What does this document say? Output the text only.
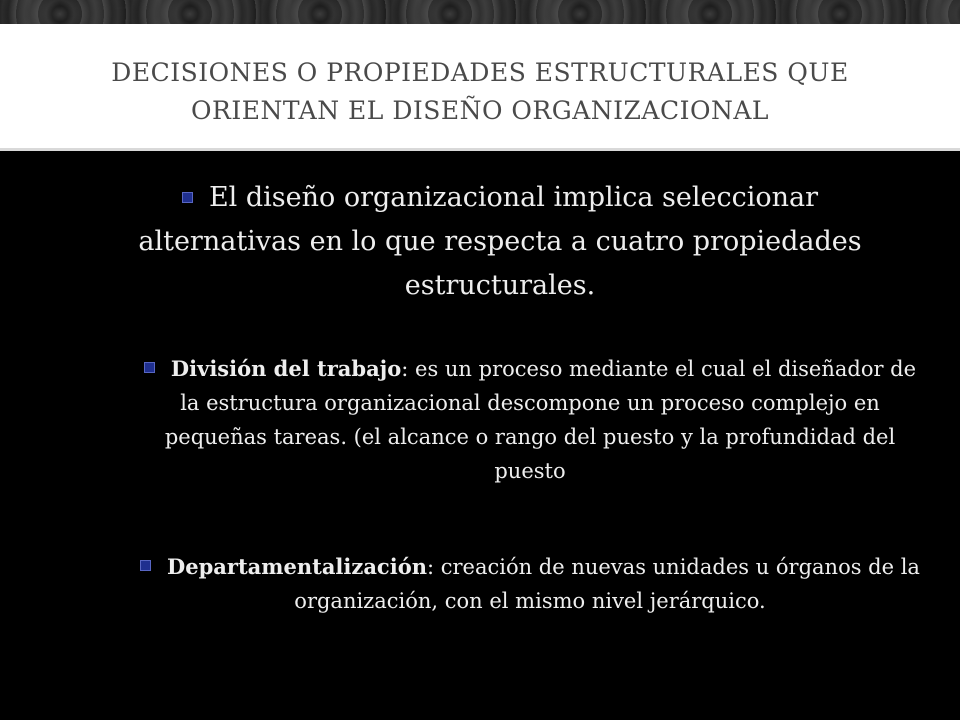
DECISIONES O PROPIEDADES ESTRUCTURALES QUE
ORIENTAN EL DISEÑO ORGANIZACIONAL
El diseño organizacional implica seleccionar alternativas en lo que respecta a cuatro propiedades estructurales.
División del trabajo: es un proceso mediante el cual el diseñador de la estructura organizacional descompone un proceso complejo en pequeñas tareas. (el alcance o rango del puesto y la profundidad del puesto
Departamentalización: creación de nuevas unidades u órganos de la organización, con el mismo nivel jerárquico.
